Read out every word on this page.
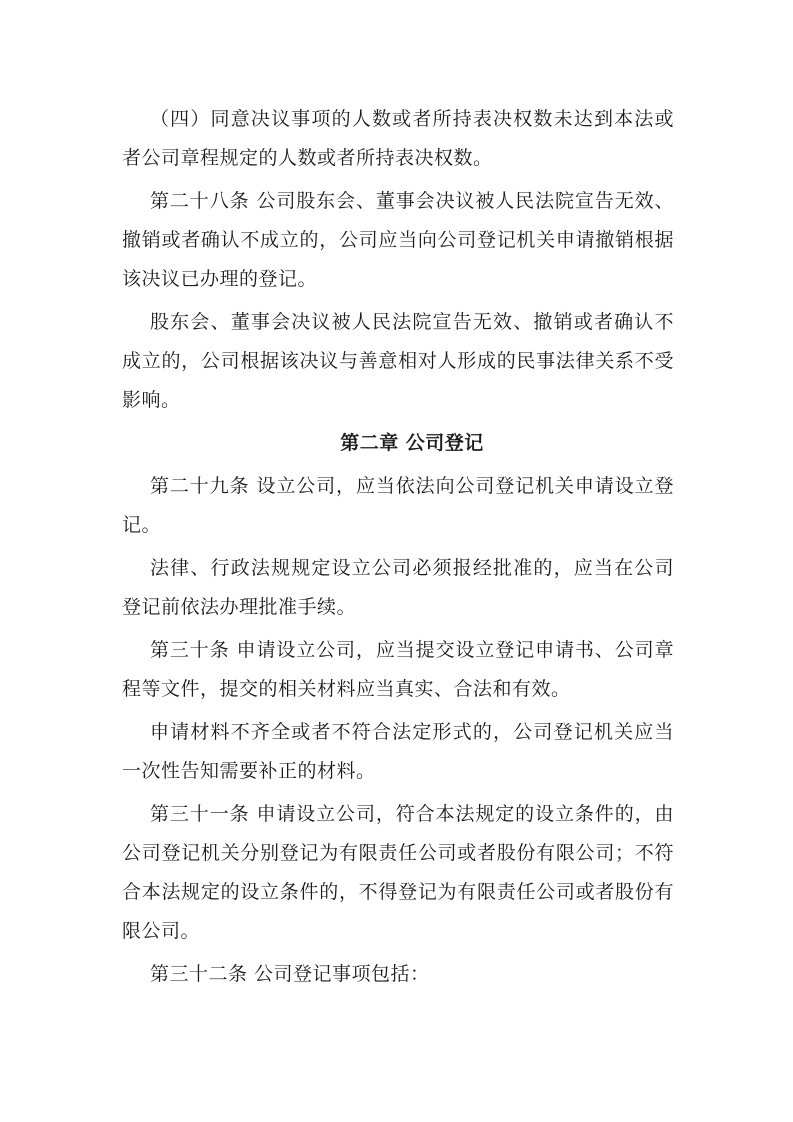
（四）同意决议事项的人数或者所持表决权数未达到本法或者公司章程规定的人数或者所持表决权数。

第二十八条 公司股东会、董事会决议被人民法院宣告无效、撤销或者确认不成立的，公司应当向公司登记机关申请撤销根据该决议已办理的登记。

股东会、董事会决议被人民法院宣告无效、撤销或者确认不成立的，公司根据该决议与善意相对人形成的民事法律关系不受影响。

第二章 公司登记

第二十九条 设立公司，应当依法向公司登记机关申请设立登记。

法律、行政法规规定设立公司必须报经批准的，应当在公司登记前依法办理批准手续。

第三十条 申请设立公司，应当提交设立登记申请书、公司章程等文件，提交的相关材料应当真实、合法和有效。

申请材料不齐全或者不符合法定形式的，公司登记机关应当一次性告知需要补正的材料。

第三十一条 申请设立公司，符合本法规定的设立条件的，由公司登记机关分别登记为有限责任公司或者股份有限公司；不符合本法规定的设立条件的，不得登记为有限责任公司或者股份有限公司。

第三十二条 公司登记事项包括：
